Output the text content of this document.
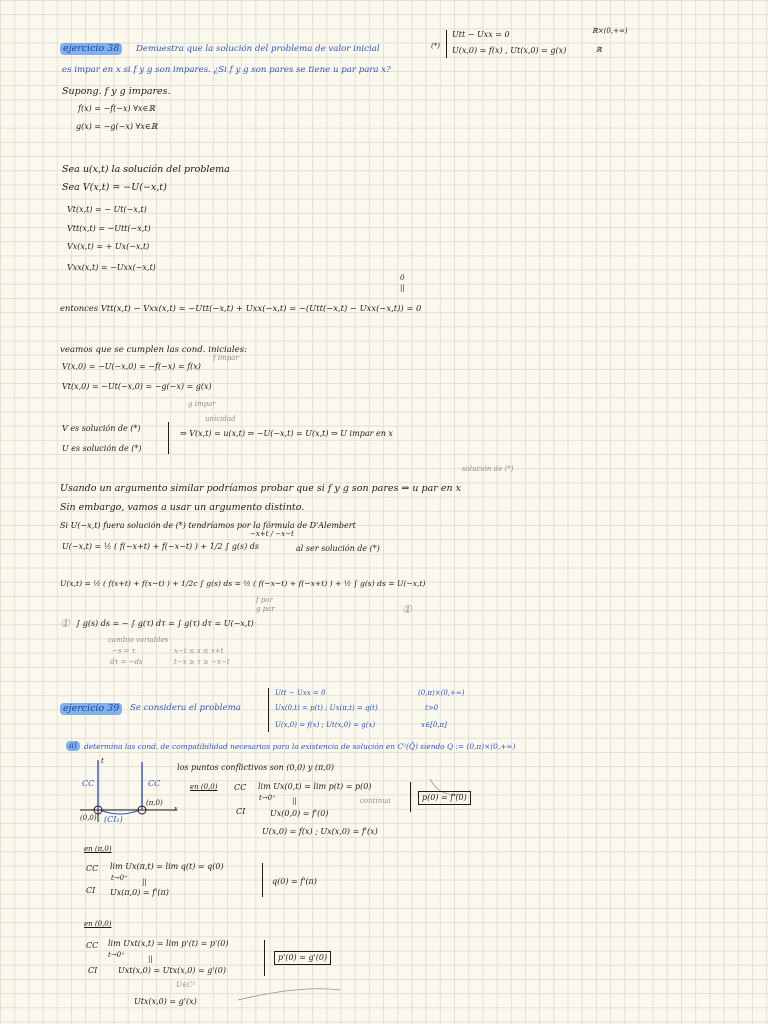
ejercicio 38	Demuestra que la solución del problema de valor inicial	(*)
Utt − Uxx = 0
U(x,0) = f(x) , Ut(x,0) = g(x)
ℝ×(0,+∞)
ℝ
es impar en x si f y g son impares. ¿Si f y g son pares se tiene u par para x?
Supong. f y g impares.
f(x) = −f(−x) ∀x∈ℝ
g(x) = −g(−x) ∀x∈ℝ
Sea u(x,t) la solución del problema
Sea V(x,t) = −U(−x,t)
Vt(x,t) = − Ut(−x,t)
Vtt(x,t) = −Utt(−x,t)
Vx(x,t) = + Ux(−x,t)
Vxx(x,t) = −Uxx(−x,t)
0
||
entonces Vtt(x,t) − Vxx(x,t) = −Utt(−x,t) + Uxx(−x,t) = −(Utt(−x,t) − Uxx(−x,t)) = 0
veamos que se cumplen las cond. iniciales:
f impar
V(x,0) = −U(−x,0) = −f(−x) = f(x)
Vt(x,0) = −Ut(−x,0) = −g(−x) = g(x)
g impar
unicidad
V es solución de (*)
U es solución de (*)
⇒ V(x,t) = u(x,t) ⇒ −U(−x,t) = U(x,t) ⇒ U impar en x
solución de (*)
Usando un argumento similar podríamos probar que si f y g son pares ⇒ u par en x
Sin embargo, vamos a usar un argumento distinto.
Si U(−x,t) fuera solución de (*) tendríamos por la fórmula de D'Alembert
−x+t / −x−t
U(−x,t) = ½ ( f(−x+t) + f(−x−t) ) + 1/2 ∫ g(s) ds	al ser solución de (*)
U(x,t) = ½ ( f(x+t) + f(x−t) ) + 1/2c ∫ g(s) ds = ½ ( f(−x−t) + f(−x+t) ) + ½ ∫ g(s) ds = U(−x,t)
f par
g par	①
① ∫ g(s) ds = − ∫ g(τ) dτ = ∫ g(τ) dτ = U(−x,t)
cambio variables
−s = τ
dτ = −ds
x−t ≤ s ≤ x+t
t−x ≥ τ ≥ −x−t
ejercicio 39	Se considera el problema
Utt − Uxx = 0
Ux(0,t) = p(t) ; Ux(π,t) = q(t)
U(x,0) = f(x) ; Ut(x,0) = g(x)
(0,π)×(0,+∞)
t>0
x∈[0,π]
a) determina las cond. de compatibilidad necesarias para la existencia de solución en C²(Q̄) siendo Q := (0,π)×(0,+∞)
t
x
CC	CC
(CI₁)
(0,0)
(π,0)
los puntos conflictivos son (0,0) y (π,0)
en (0,0) CC lim Ux(0,t) = lim p(t) = p(0)
t→0⁺	continua
||
CI	Ux(0,0) = f'(0)
p(0) = f'(0)
U(x,0) = f(x) ; Ux(x,0) = f'(x)
en (π,0)
CC lim Ux(π,t) = lim q(t) = q(0)
t→0⁺ ||
CI Ux(π,0) = f'(π)
q(0) = f'(π)
en (0,0)
CC lim Uxt(x,t) = lim p'(t) = p'(0)
t→0⁺	||
CI	Uxt(x,0) = Utx(x,0) = g'(0)
p'(0) = g'(0)
U∈C²
Utx(x,0) = g'(x)
